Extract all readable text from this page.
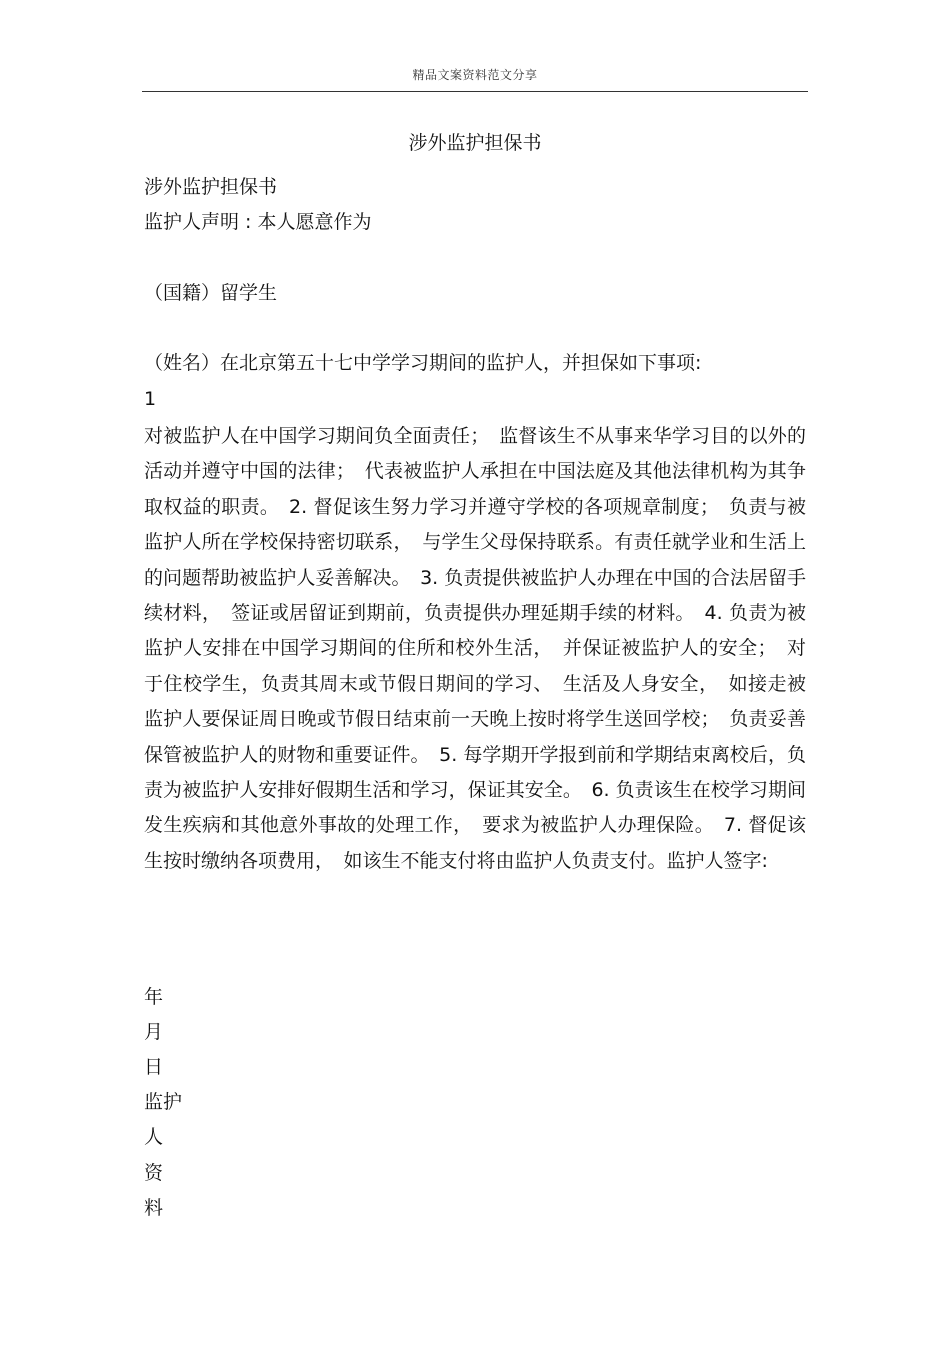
精品文案资料范文分享
涉外监护担保书
涉外监护担保书
监护人声明 : 本人愿意作为
（国籍）留学生
（姓名）在北京第五十七中学学习期间的监护人，并担保如下事项:
1
对被监护人在中国学习期间负全面责任；　监督该生不从事来华学习目的以外的活动并遵守中国的法律；　代表被监护人承担在中国法庭及其他法律机构为其争取权益的职责。　2. 督促该生努力学习并遵守学校的各项规章制度；　负责与被监护人所在学校保持密切联系，　与学生父母保持联系。有责任就学业和生活上的问题帮助被监护人妥善解决。　3. 负责提供被监护人办理在中国的合法居留手续材料，　签证或居留证到期前，负责提供办理延期手续的材料。　4. 负责为被监护人安排在中国学习期间的住所和校外生活，　并保证被监护人的安全；　对于住校学生，负责其周末或节假日期间的学习、　生活及人身安全，　如接走被监护人要保证周日晚或节假日结束前一天晚上按时将学生送回学校；　负责妥善保管被监护人的财物和重要证件。　5. 每学期开学报到前和学期结束离校后，负责为被监护人安排好假期生活和学习，保证其安全。　6. 负责该生在校学习期间发生疾病和其他意外事故的处理工作，　要求为被监护人办理保险。　7. 督促该生按时缴纳各项费用，　如该生不能支付将由监护人负责支付。监护人签字:
年
月
日
监护
人
资
料
